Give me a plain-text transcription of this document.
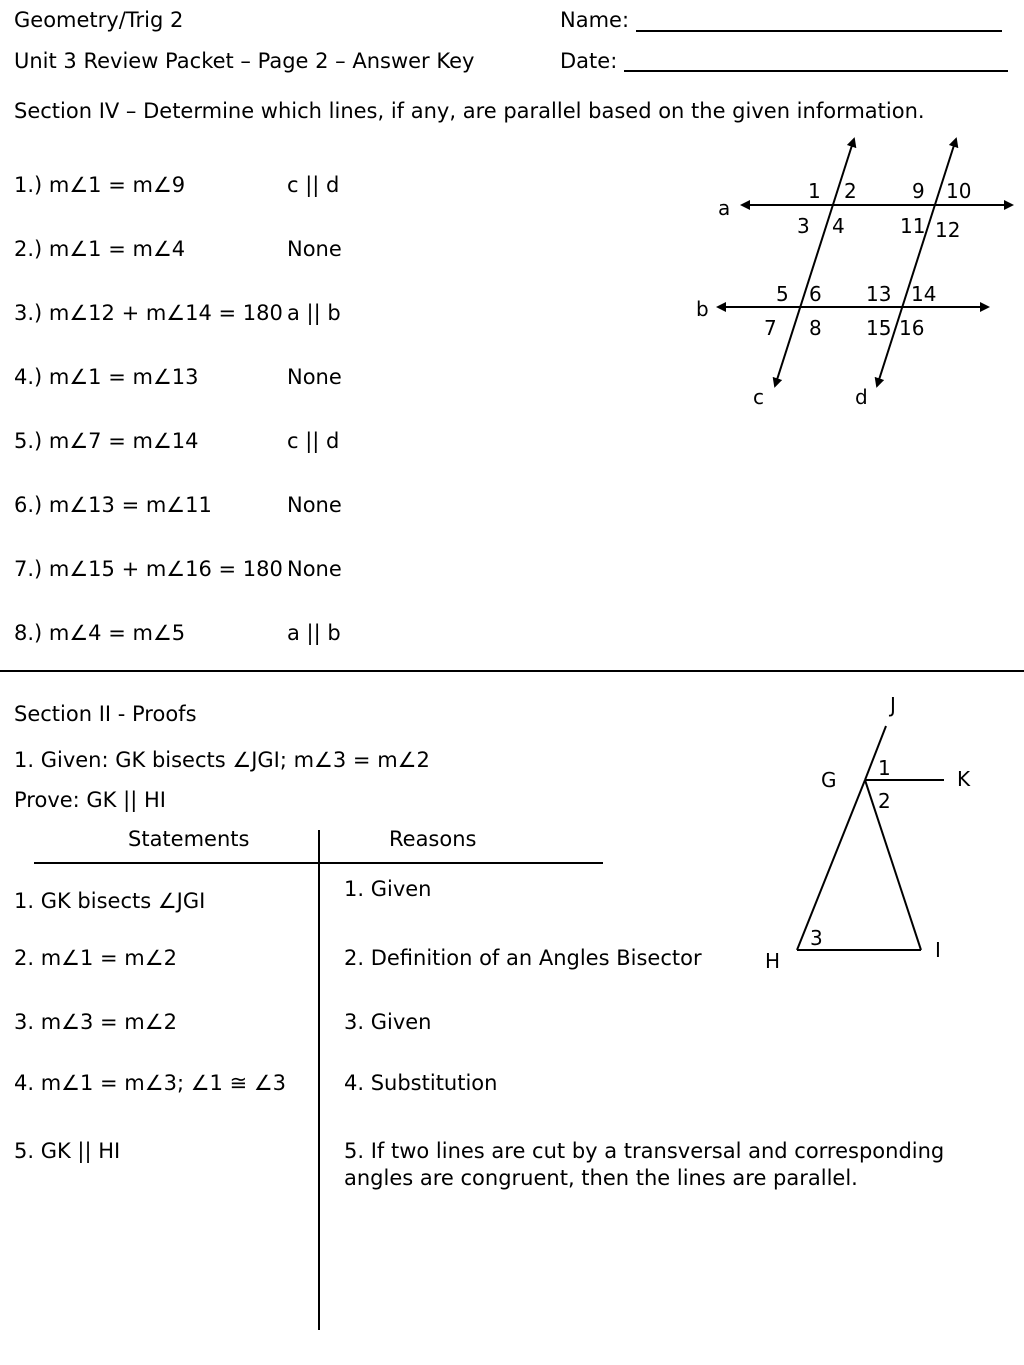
Geometry/Trig 2
Unit 3 Review Packet – Page 2 – Answer Key
Name:
Date:
Section IV – Determine which lines, if any, are parallel based on the given information.
1.) m∠1 = m∠9	c || d
2.) m∠1 = m∠4	None
3.) m∠12 + m∠14 = 180 a || b
4.) m∠1 = m∠13	None
5.) m∠7 = m∠14	c || d
6.) m∠13 = m∠11	None
7.) m∠15 + m∠16 = 180 None
8.) m∠4 = m∠5	a || b
a
b
c	d
1 2
3 4
5 6
7 8
9 10
11 12
13 14
15 16
Section II - Proofs
1. Given: GK bisects ∠JGI; m∠3 = m∠2
Prove: GK || HI
Statements	Reasons
1. GK bisects ∠JGI	1. Given
2. m∠1 = m∠2	2. Definition of an Angles Bisector
3. m∠3 = m∠2	3. Given
4. m∠1 = m∠3; ∠1 ≅ ∠3	4. Substitution
5. GK || HI	5. If two lines are cut by a transversal and corresponding angles are congruent, then the lines are parallel.
J
G	K
H	I
1
2
3
